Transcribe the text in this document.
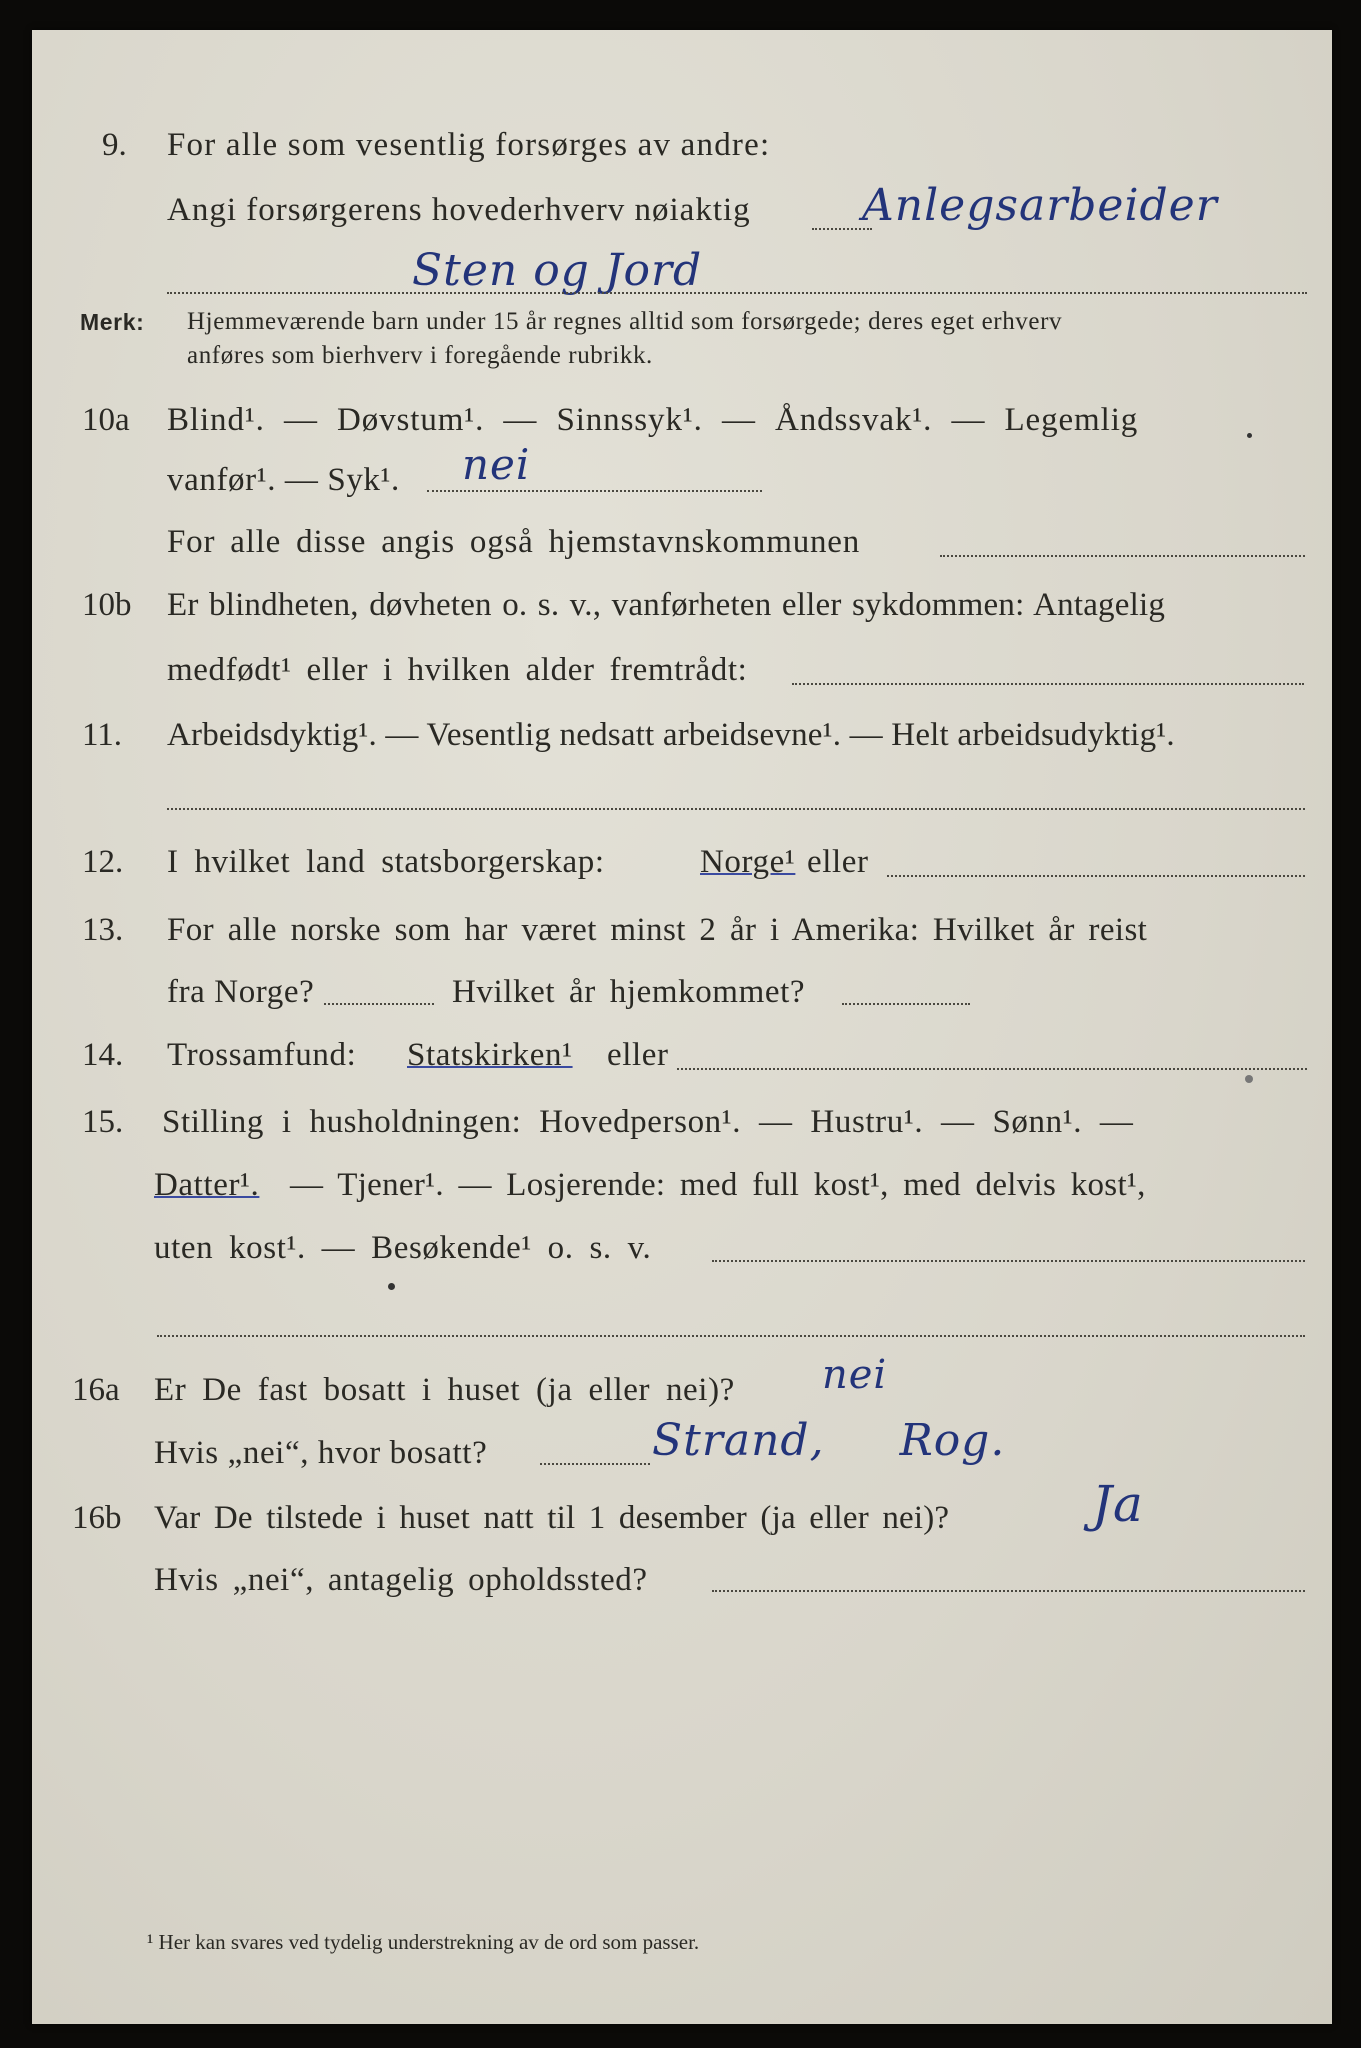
9. For alle som vesentlig forsørges av andre:
Angi forsørgerens hovederhverv nøiaktig	Anlegsarbeider
Sten og Jord
Merk: Hjemmeværende barn under 15 år regnes alltid som forsørgede; deres eget erhverv
anføres som bierhverv i foregående rubrikk.
10a Blind¹. — Døvstum¹. — Sinnssyk¹. — Åndssvak¹. — Legemlig
vanfør¹. — Syk¹. nei
For alle disse angis også hjemstavnskommunen
10b Er blindheten, døvheten o. s. v., vanførheten eller sykdommen: Antagelig
medfødt¹ eller i hvilken alder fremtrådt:
11. Arbeidsdyktig¹. — Vesentlig nedsatt arbeidsevne¹. — Helt arbeidsudyktig¹.
12. I hvilket land statsborgerskap:	Norge¹ eller
13. For alle norske som har været minst 2 år i Amerika: Hvilket år reist
fra Norge?	Hvilket år hjemkommet?
14. Trossamfund: Statskirken¹ eller
15. Stilling i husholdningen: Hovedperson¹. — Hustru¹. — Sønn¹. —
Datter¹. — Tjener¹. — Losjerende: med full kost¹, med delvis kost¹,
uten kost¹. — Besøkende¹ o. s. v.
16a Er De fast bosatt i huset (ja eller nei)? nei
Hvis „nei“, hvor bosatt?	Strand, Rog.
16b Var De tilstede i huset natt til 1 desember (ja eller nei)?	Ja
Hvis „nei“, antagelig opholdssted?
¹ Her kan svares ved tydelig understrekning av de ord som passer.
